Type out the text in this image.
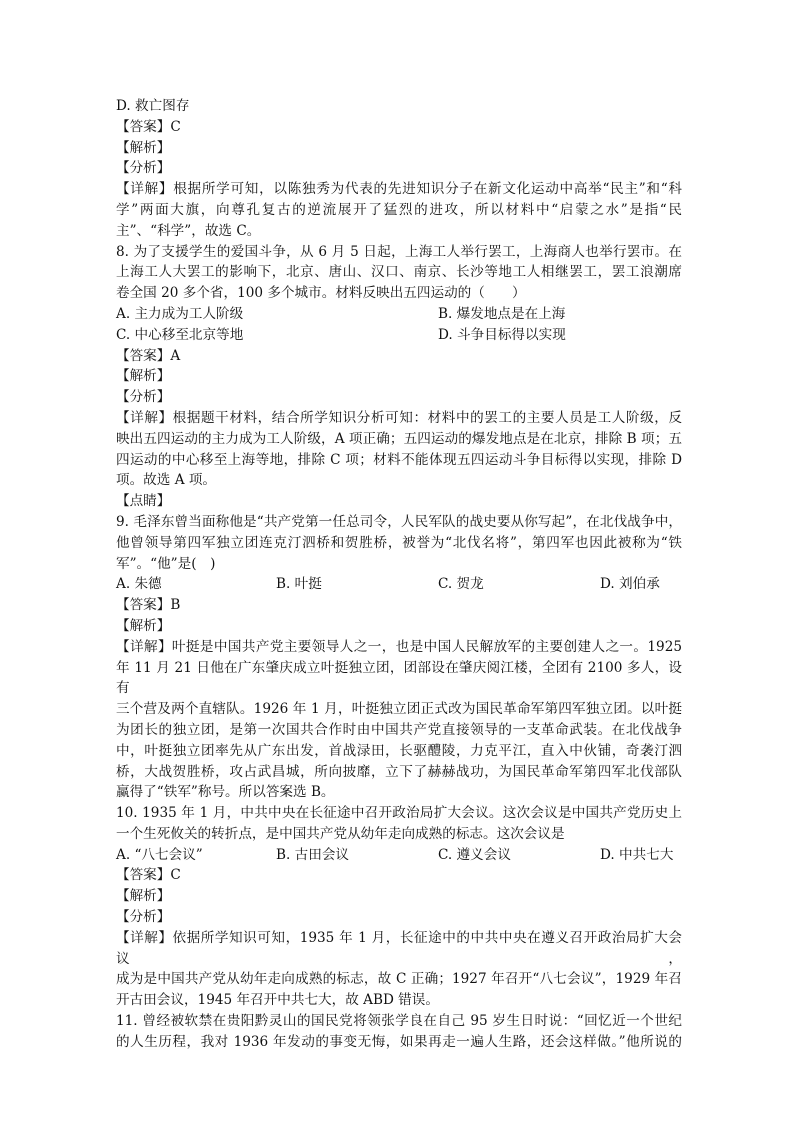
D. 救亡图存
【答案】C
【解析】
【分析】
【详解】根据所学可知，以陈独秀为代表的先进知识分子在新文化运动中高举“民主”和“科
学”两面大旗，向尊孔复古的逆流展开了猛烈的进攻，所以材料中“启蒙之水”是指“民
主”、“科学”，故选 C。
8. 为了支援学生的爱国斗争，从 6 月 5 日起，上海工人举行罢工，上海商人也举行罢市。在
上海工人大罢工的影响下，北京、唐山、汉口、南京、长沙等地工人相继罢工，罢工浪潮席
卷全国 20 多个省，100 多个城市。材料反映出五四运动的（　　）
A. 主力成为工人阶级	B. 爆发地点是在上海
C. 中心移至北京等地	D. 斗争目标得以实现
【答案】A
【解析】
【分析】
【详解】根据题干材料，结合所学知识分析可知：材料中的罢工的主要人员是工人阶级，反
映出五四运动的主力成为工人阶级，A 项正确；五四运动的爆发地点是在北京，排除 B 项；五
四运动的中心移至上海等地，排除 C 项；材料不能体现五四运动斗争目标得以实现，排除 D
项。故选 A 项。
【点睛】
9. 毛泽东曾当面称他是“共产党第一任总司令，人民军队的战史要从你写起”，在北伐战争中，
他曾领导第四军独立团连克汀泗桥和贺胜桥，被誉为“北伐名将”，第四军也因此被称为“铁
军”。“他”是(　)
A. 朱德	B. 叶挺	C. 贺龙	D. 刘伯承
【答案】B
【解析】
【详解】叶挺是中国共产党主要领导人之一，也是中国人民解放军的主要创建人之一。1925
年 11 月 21 日他在广东肇庆成立叶挺独立团，团部设在肇庆阅江楼，全团有 2100 多人，设有
三个营及两个直辖队。1926 年 1 月，叶挺独立团正式改为国民革命军第四军独立团。以叶挺
为团长的独立团，是第一次国共合作时由中国共产党直接领导的一支革命武装。在北伐战争
中，叶挺独立团率先从广东出发，首战渌田，长驱醴陵，力克平江，直入中伙铺，奇袭汀泗
桥，大战贺胜桥，攻占武昌城，所向披靡，立下了赫赫战功，为国民革命军第四军北伐部队
赢得了“铁军”称号。所以答案选 B。
10. 1935 年 1 月，中共中央在长征途中召开政治局扩大会议。这次会议是中国共产党历史上
一个生死攸关的转折点，是中国共产党从幼年走向成熟的标志。这次会议是
A. “八七会议”	B. 古田会议	C. 遵义会议	D. 中共七大
【答案】C
【解析】
【分析】
【详解】依据所学知识可知，1935 年 1 月，长征途中的中共中央在遵义召开政治局扩大会议，
成为是中国共产党从幼年走向成熟的标志，故 C 正确；1927 年召开“八七会议”，1929 年召
开古田会议，1945 年召开中共七大，故 ABD 错误。
11. 曾经被软禁在贵阳黔灵山的国民党将领张学良在自己 95 岁生日时说：“回忆近一个世纪
的人生历程，我对 1936 年发动的事变无悔，如果再走一遍人生路，还会这样做。”他所说的
